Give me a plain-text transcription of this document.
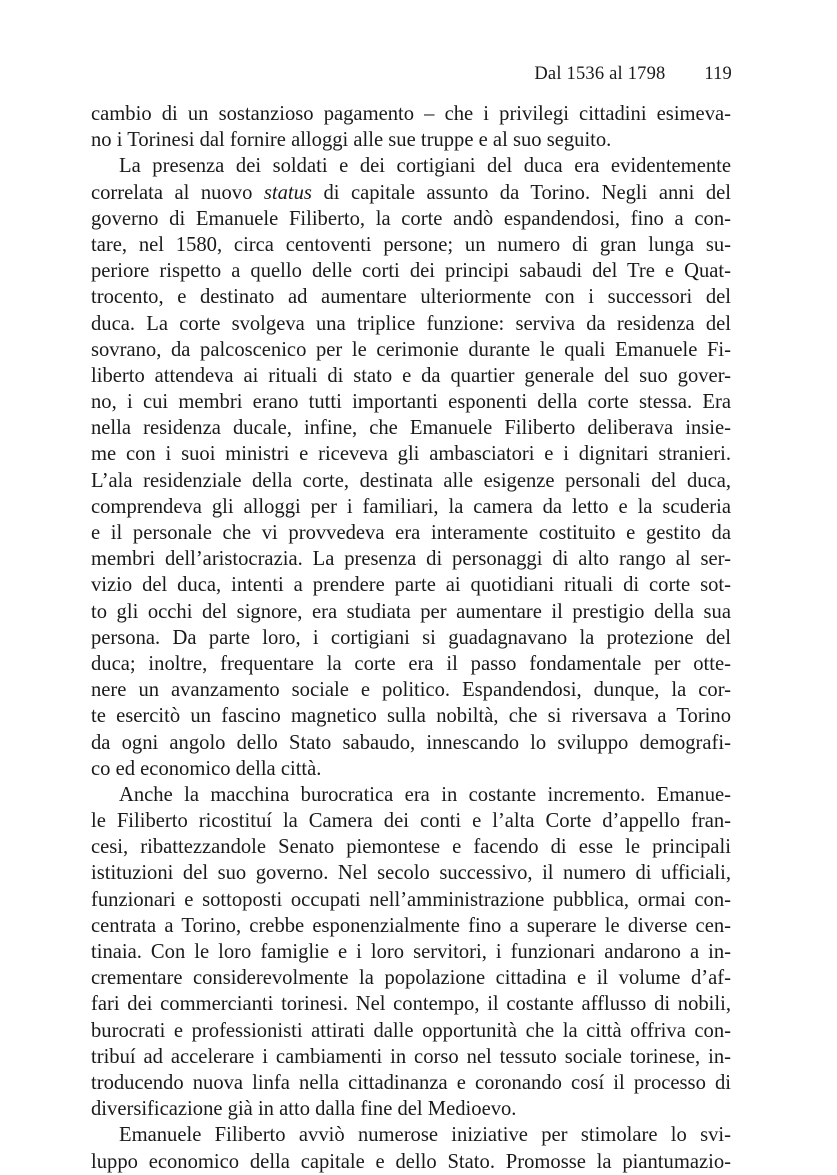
Dal 1536 al 1798 119
cambio di un sostanzioso pagamento – che i privilegi cittadini esimeva-
no i Torinesi dal fornire alloggi alle sue truppe e al suo seguito.
La presenza dei soldati e dei cortigiani del duca era evidentemente
correlata al nuovo status di capitale assunto da Torino. Negli anni del
governo di Emanuele Filiberto, la corte andò espandendosi, fino a con-
tare, nel 1580, circa centoventi persone; un numero di gran lunga su-
periore rispetto a quello delle corti dei principi sabaudi del Tre e Quat-
trocento, e destinato ad aumentare ulteriormente con i successori del
duca. La corte svolgeva una triplice funzione: serviva da residenza del
sovrano, da palcoscenico per le cerimonie durante le quali Emanuele Fi-
liberto attendeva ai rituali di stato e da quartier generale del suo gover-
no, i cui membri erano tutti importanti esponenti della corte stessa. Era
nella residenza ducale, infine, che Emanuele Filiberto deliberava insie-
me con i suoi ministri e riceveva gli ambasciatori e i dignitari stranieri.
L’ala residenziale della corte, destinata alle esigenze personali del duca,
comprendeva gli alloggi per i familiari, la camera da letto e la scuderia
e il personale che vi provvedeva era interamente costituito e gestito da
membri dell’aristocrazia. La presenza di personaggi di alto rango al ser-
vizio del duca, intenti a prendere parte ai quotidiani rituali di corte sot-
to gli occhi del signore, era studiata per aumentare il prestigio della sua
persona. Da parte loro, i cortigiani si guadagnavano la protezione del
duca; inoltre, frequentare la corte era il passo fondamentale per otte-
nere un avanzamento sociale e politico. Espandendosi, dunque, la cor-
te esercitò un fascino magnetico sulla nobiltà, che si riversava a Torino
da ogni angolo dello Stato sabaudo, innescando lo sviluppo demografi-
co ed economico della città.
Anche la macchina burocratica era in costante incremento. Emanue-
le Filiberto ricostituí la Camera dei conti e l’alta Corte d’appello fran-
cesi, ribattezzandole Senato piemontese e facendo di esse le principali
istituzioni del suo governo. Nel secolo successivo, il numero di ufficiali,
funzionari e sottoposti occupati nell’amministrazione pubblica, ormai con-
centrata a Torino, crebbe esponenzialmente fino a superare le diverse cen-
tinaia. Con le loro famiglie e i loro servitori, i funzionari andarono a in-
crementare considerevolmente la popolazione cittadina e il volume d’af-
fari dei commercianti torinesi. Nel contempo, il costante afflusso di nobili,
burocrati e professionisti attirati dalle opportunità che la città offriva con-
tribuí ad accelerare i cambiamenti in corso nel tessuto sociale torinese, in-
troducendo nuova linfa nella cittadinanza e coronando cosí il processo di
diversificazione già in atto dalla fine del Medioevo.
Emanuele Filiberto avviò numerose iniziative per stimolare lo svi-
luppo economico della capitale e dello Stato. Promosse la piantumazio-
